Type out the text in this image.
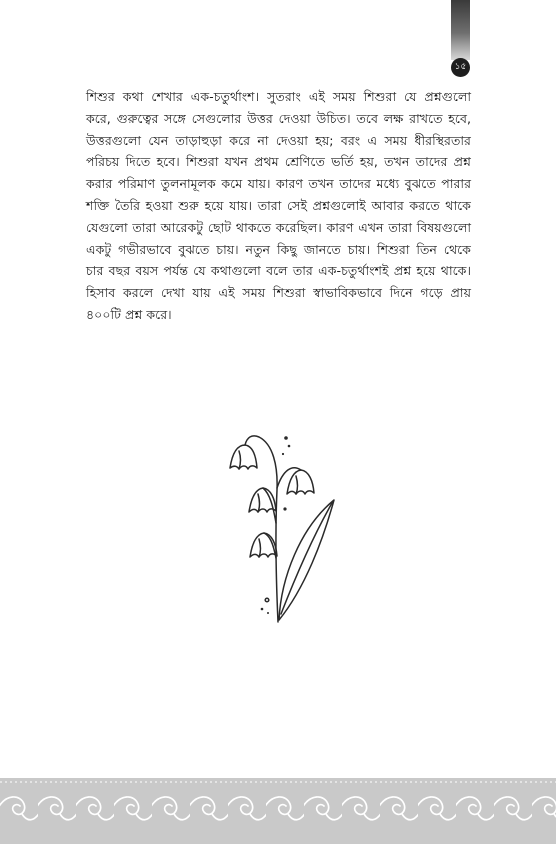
১৫
শিশুর কথা শেখার এক-চতুর্থাংশ। সুতরাং এই সময় শিশুরা যে প্রশ্নগুলো
করে, গুরুত্বের সঙ্গে সেগুলোর উত্তর দেওয়া উচিত। তবে লক্ষ রাখতে হবে,
উত্তরগুলো যেন তাড়াহুড়া করে না দেওয়া হয়; বরং এ সময় ধীরস্থিরতার
পরিচয় দিতে হবে। শিশুরা যখন প্রথম শ্রেণিতে ভর্তি হয়, তখন তাদের প্রশ্ন
করার পরিমাণ তুলনামূলক কমে যায়। কারণ তখন তাদের মধ্যে বুঝতে পারার
শক্তি তৈরি হওয়া শুরু হয়ে যায়। তারা সেই প্রশ্নগুলোই আবার করতে থাকে
যেগুলো তারা আরেকটু ছোট থাকতে করেছিল। কারণ এখন তারা বিষয়গুলো
একটু গভীরভাবে বুঝতে চায়। নতুন কিছু জানতে চায়। শিশুরা তিন থেকে
চার বছর বয়স পর্যন্ত যে কথাগুলো বলে তার এক-চতুর্থাংশই প্রশ্ন হয়ে থাকে।
হিসাব করলে দেখা যায় এই সময় শিশুরা স্বাভাবিকভাবে দিনে গড়ে প্রায়
৪০০টি প্রশ্ন করে।
